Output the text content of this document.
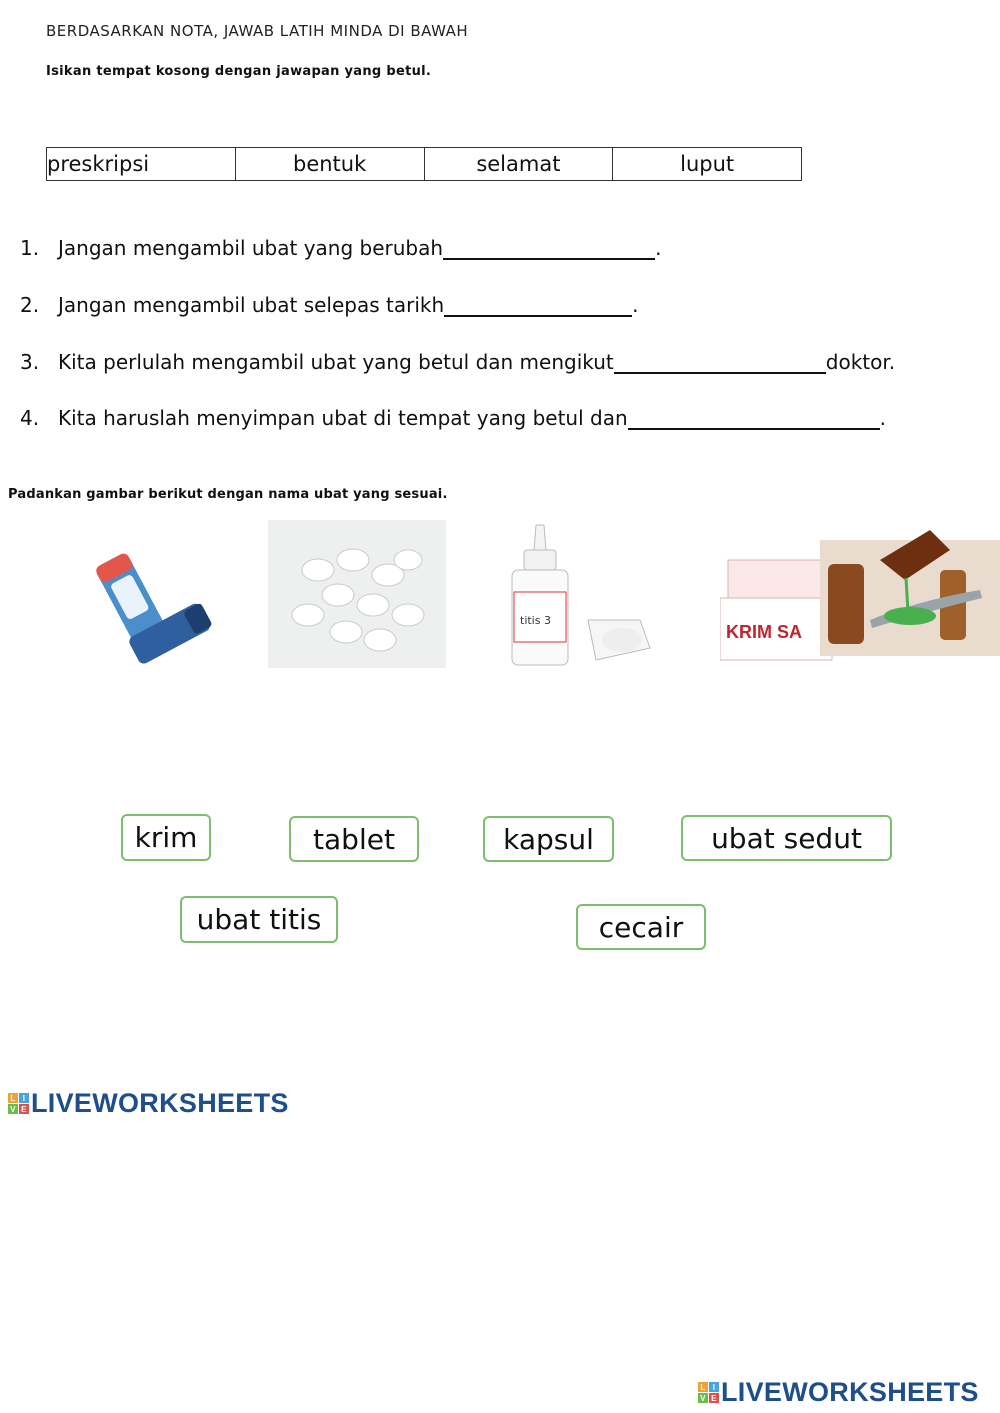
BERDASARKAN NOTA, JAWAB LATIH MINDA DI BAWAH
Isikan tempat kosong dengan jawapan yang betul.
preskripsi	bentuk	selamat	luput
1. Jangan mengambil ubat yang berubah	.
2. Jangan mengambil ubat selepas tarikh	.
3. Kita perlulah mengambil ubat yang betul dan mengikut	doktor.
4. Kita haruslah menyimpan ubat di tempat yang betul dan	.
Padankan gambar berikut dengan nama ubat yang sesuai.
titis 3
KRIM SA
krim	tablet	kapsul	ubat sedut
ubat titis	cecair
L I
V E LIVEWORKSHEETS
L I
V E LIVEWORKSHEETS
